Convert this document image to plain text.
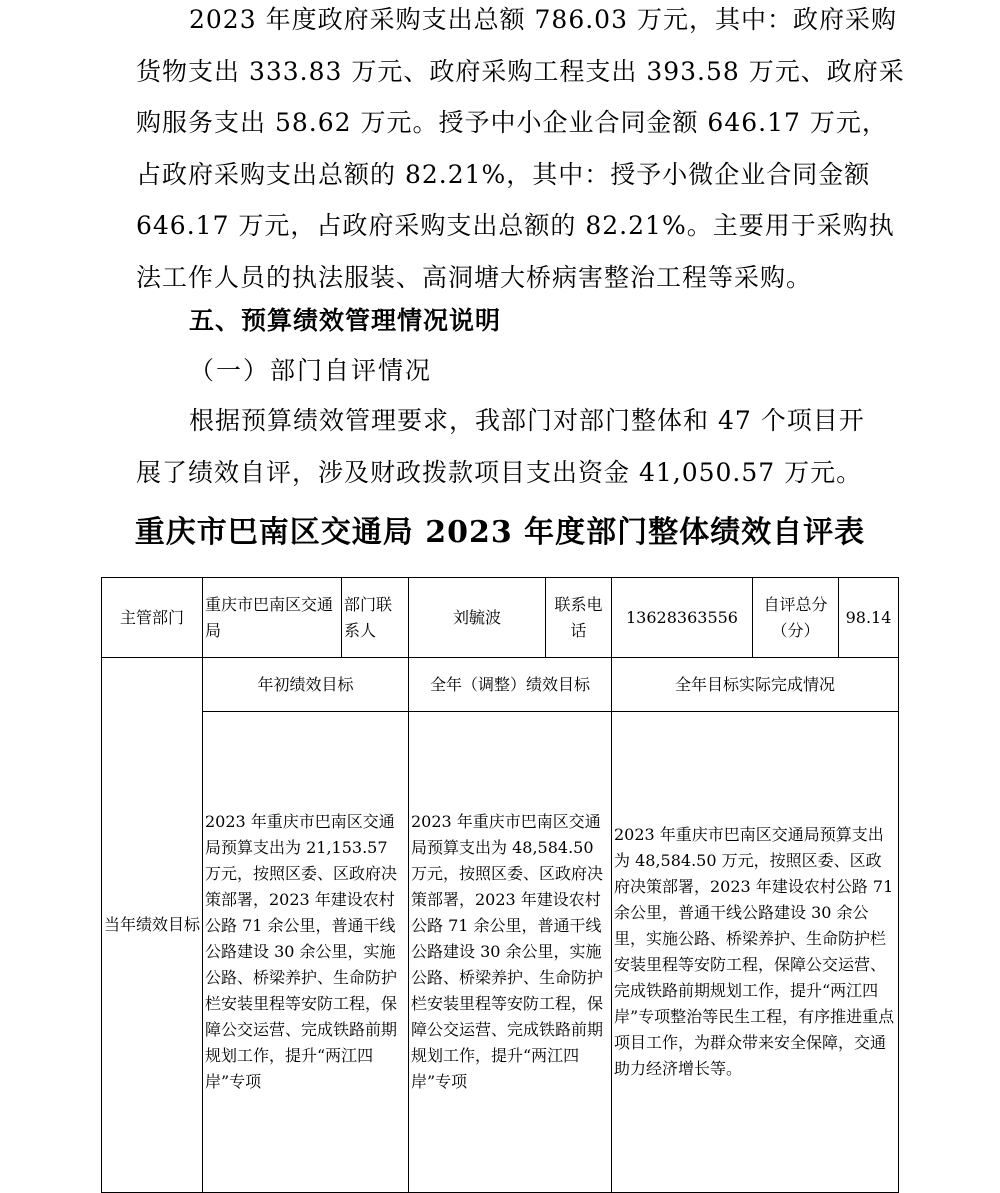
2023 年度政府采购支出总额 786.03 万元，其中：政府采购
货物支出 333.83 万元、政府采购工程支出 393.58 万元、政府采
购服务支出 58.62 万元。授予中小企业合同金额 646.17 万元，
占政府采购支出总额的 82.21%，其中：授予小微企业合同金额
646.17 万元，占政府采购支出总额的 82.21%。主要用于采购执
法工作人员的执法服装、高洞塘大桥病害整治工程等采购。
五、预算绩效管理情况说明
（一）部门自评情况
根据预算绩效管理要求，我部门对部门整体和 47 个项目开
展了绩效自评，涉及财政拨款项目支出资金 41,050.57 万元。
重庆市巴南区交通局 2023 年度部门整体绩效自评表
主管部门	重庆市巴南区交通局	部门联系人	刘毓波	联系电话	13628363556	自评总分（分）	98.14
当年绩效目标	年初绩效目标		全年（调整）绩效目标		全年目标实际完成情况		
	2023 年重庆市巴南区交通局预算支出为 21,153.57 万元，按照区委、区政府决策部署，2023 年建设农村公路 71 余公里，普通干线公路建设 30 余公里，实施公路、桥梁养护、生命防护栏安装里程等安防工程，保障公交运营、完成铁路前期规划工作，提升“两江四岸”专项		2023 年重庆市巴南区交通局预算支出为 48,584.50 万元，按照区委、区政府决策部署，2023 年建设农村公路 71 余公里，普通干线公路建设 30 余公里，实施公路、桥梁养护、生命防护栏安装里程等安防工程，保障公交运营、完成铁路前期规划工作，提升“两江四岸”专项		2023 年重庆市巴南区交通局预算支出为 48,584.50 万元，按照区委、区政府决策部署，2023 年建设农村公路 71 余公里，普通干线公路建设 30 余公里，实施公路、桥梁养护、生命防护栏安装里程等安防工程，保障公交运营、完成铁路前期规划工作，提升“两江四岸”专项整治等民生工程，有序推进重点项目工作，为群众带来安全保障，交通助力经济增长等。		
